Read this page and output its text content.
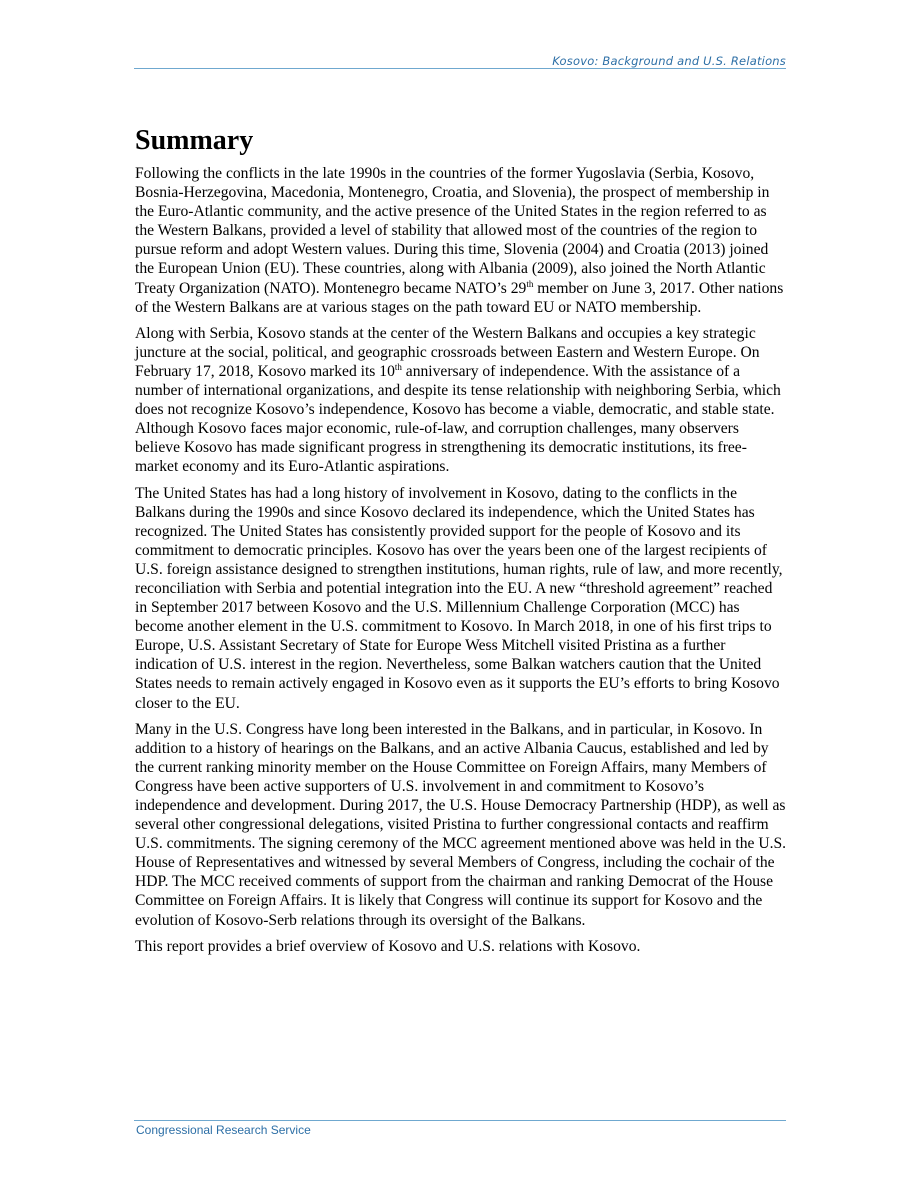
Kosovo: Background and U.S. Relations
Summary

Following the conflicts in the late 1990s in the countries of the former Yugoslavia (Serbia, Kosovo, Bosnia-Herzegovina, Macedonia, Montenegro, Croatia, and Slovenia), the prospect of membership in the Euro-Atlantic community, and the active presence of the United States in the region referred to as the Western Balkans, provided a level of stability that allowed most of the countries of the region to pursue reform and adopt Western values. During this time, Slovenia (2004) and Croatia (2013) joined the European Union (EU). These countries, along with Albania (2009), also joined the North Atlantic Treaty Organization (NATO). Montenegro became NATO’s 29th member on June 3, 2017. Other nations of the Western Balkans are at various stages on the path toward EU or NATO membership.

Along with Serbia, Kosovo stands at the center of the Western Balkans and occupies a key strategic juncture at the social, political, and geographic crossroads between Eastern and Western Europe. On February 17, 2018, Kosovo marked its 10th anniversary of independence. With the assistance of a number of international organizations, and despite its tense relationship with neighboring Serbia, which does not recognize Kosovo’s independence, Kosovo has become a viable, democratic, and stable state. Although Kosovo faces major economic, rule-of-law, and corruption challenges, many observers believe Kosovo has made significant progress in strengthening its democratic institutions, its free-market economy and its Euro-Atlantic aspirations.

The United States has had a long history of involvement in Kosovo, dating to the conflicts in the Balkans during the 1990s and since Kosovo declared its independence, which the United States has recognized. The United States has consistently provided support for the people of Kosovo and its commitment to democratic principles. Kosovo has over the years been one of the largest recipients of U.S. foreign assistance designed to strengthen institutions, human rights, rule of law, and more recently, reconciliation with Serbia and potential integration into the EU. A new “threshold agreement” reached in September 2017 between Kosovo and the U.S. Millennium Challenge Corporation (MCC) has become another element in the U.S. commitment to Kosovo. In March 2018, in one of his first trips to Europe, U.S. Assistant Secretary of State for Europe Wess Mitchell visited Pristina as a further indication of U.S. interest in the region. Nevertheless, some Balkan watchers caution that the United States needs to remain actively engaged in Kosovo even as it supports the EU’s efforts to bring Kosovo closer to the EU.

Many in the U.S. Congress have long been interested in the Balkans, and in particular, in Kosovo. In addition to a history of hearings on the Balkans, and an active Albania Caucus, established and led by the current ranking minority member on the House Committee on Foreign Affairs, many Members of Congress have been active supporters of U.S. involvement in and commitment to Kosovo’s independence and development. During 2017, the U.S. House Democracy Partnership (HDP), as well as several other congressional delegations, visited Pristina to further congressional contacts and reaffirm U.S. commitments. The signing ceremony of the MCC agreement mentioned above was held in the U.S. House of Representatives and witnessed by several Members of Congress, including the cochair of the HDP. The MCC received comments of support from the chairman and ranking Democrat of the House Committee on Foreign Affairs. It is likely that Congress will continue its support for Kosovo and the evolution of Kosovo-Serb relations through its oversight of the Balkans.

This report provides a brief overview of Kosovo and U.S. relations with Kosovo.

Congressional Research Service
